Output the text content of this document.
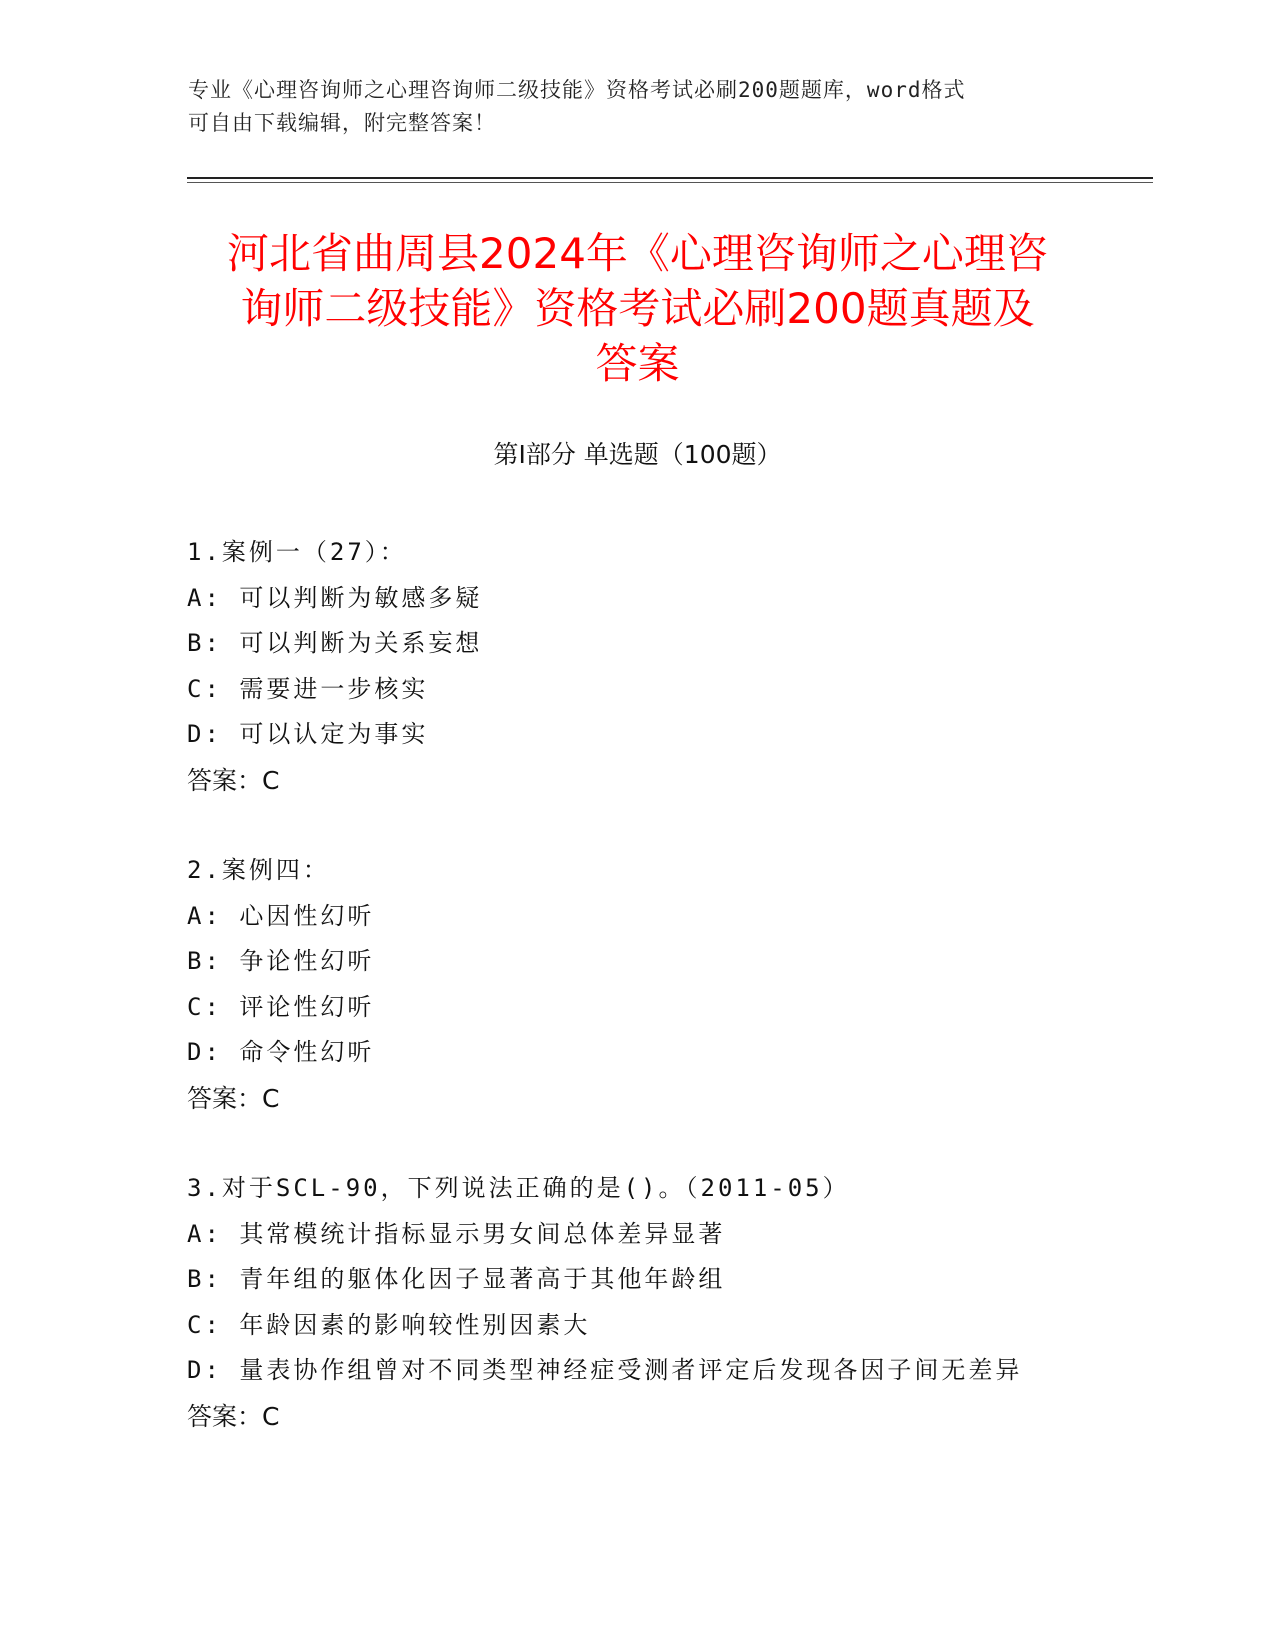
专业《心理咨询师之心理咨询师二级技能》资格考试必刷200题题库，word格式
可自由下载编辑，附完整答案！
河北省曲周县2024年《心理咨询师之心理咨
询师二级技能》资格考试必刷200题真题及
答案
第I部分 单选题（100题）
1.案例一（27）：
A: 可以判断为敏感多疑
B: 可以判断为关系妄想
C: 需要进一步核实
D: 可以认定为事实
答案：C
2.案例四：
A: 心因性幻听
B: 争论性幻听
C: 评论性幻听
D: 命令性幻听
答案：C
3.对于SCL-90，下列说法正确的是()。（2011-05）
A: 其常模统计指标显示男女间总体差异显著
B: 青年组的躯体化因子显著高于其他年龄组
C: 年龄因素的影响较性别因素大
D: 量表协作组曾对不同类型神经症受测者评定后发现各因子间无差异
答案：C
